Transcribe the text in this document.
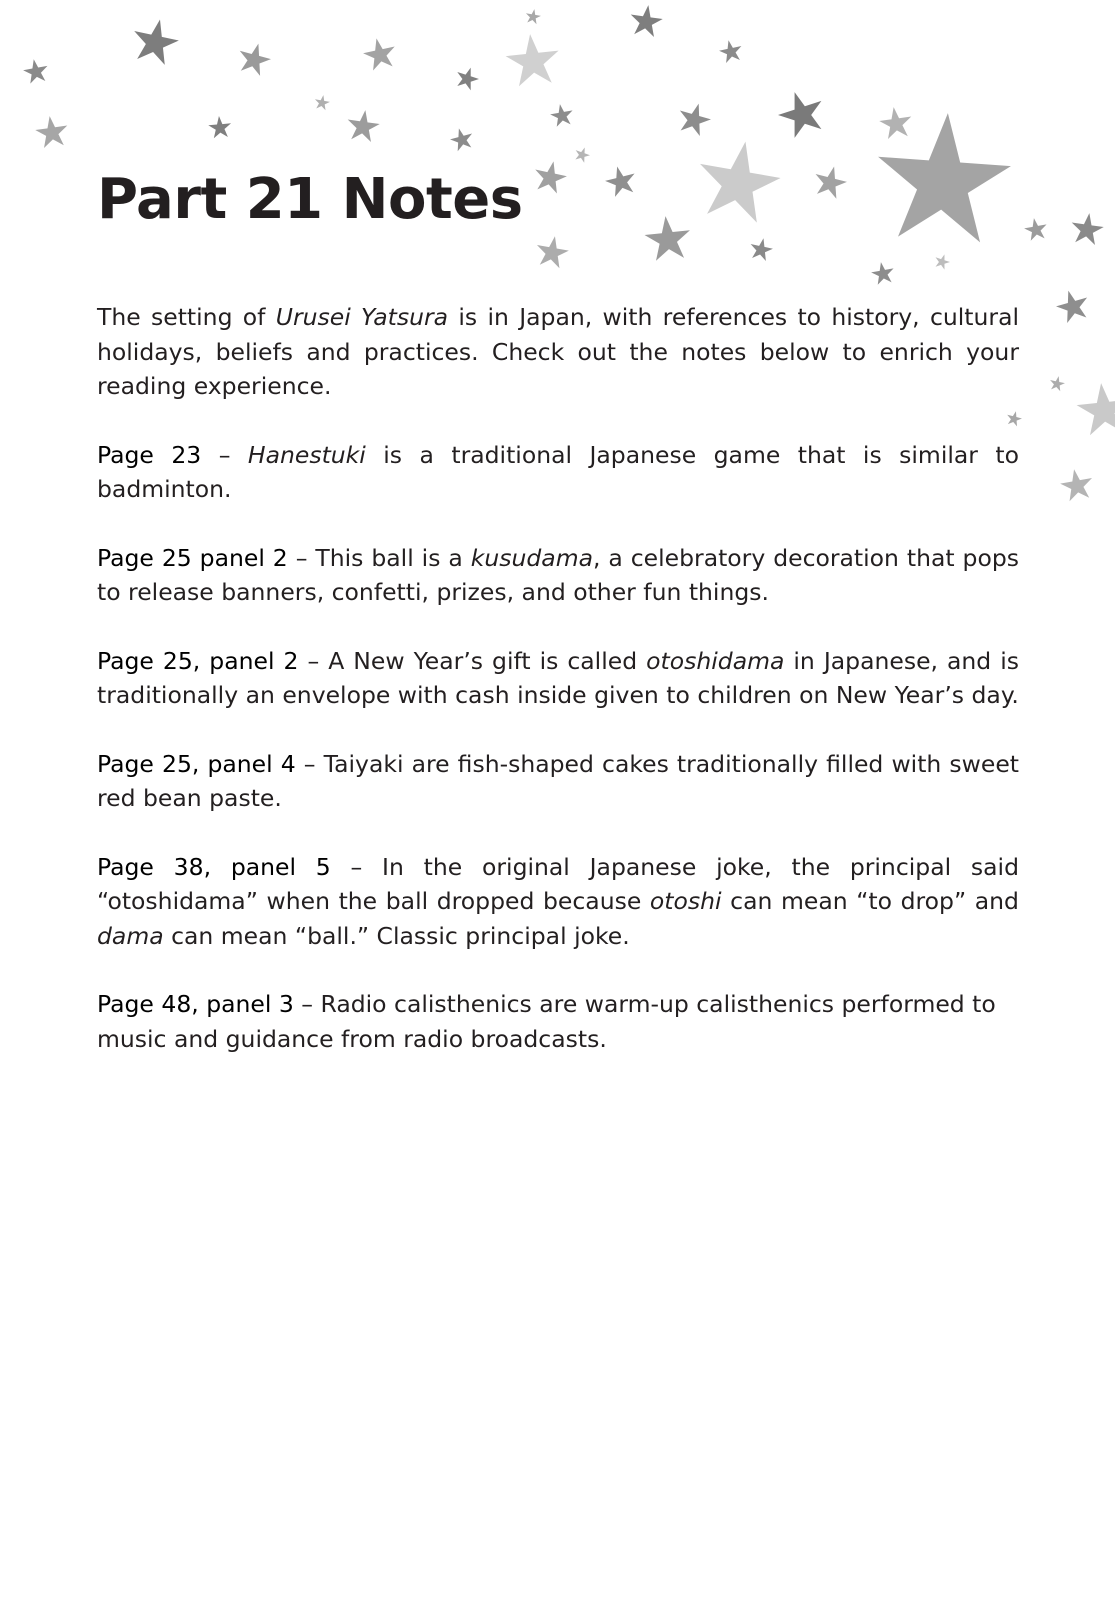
Part 21 Notes

The setting of Urusei Yatsura is in Japan, with references to history, cultural holidays, beliefs and practices. Check out the notes below to enrich your reading experience.

Page 23 – Hanestuki is a traditional Japanese game that is similar to badminton.

Page 25 panel 2 – This ball is a kusudama, a celebratory decoration that pops to release banners, confetti, prizes, and other fun things.

Page 25, panel 2 – A New Year’s gift is called otoshidama in Japanese, and is traditionally an envelope with cash inside given to children on New Year’s day.

Page 25, panel 4 – Taiyaki are fish-shaped cakes traditionally filled with sweet red bean paste.

Page 38, panel 5 – In the original Japanese joke, the principal said “otoshidama” when the ball dropped because otoshi can mean “to drop” and dama can mean “ball.” Classic principal joke.

Page 48, panel 3 – Radio calisthenics are warm-up calisthenics performed to music and guidance from radio broadcasts.
